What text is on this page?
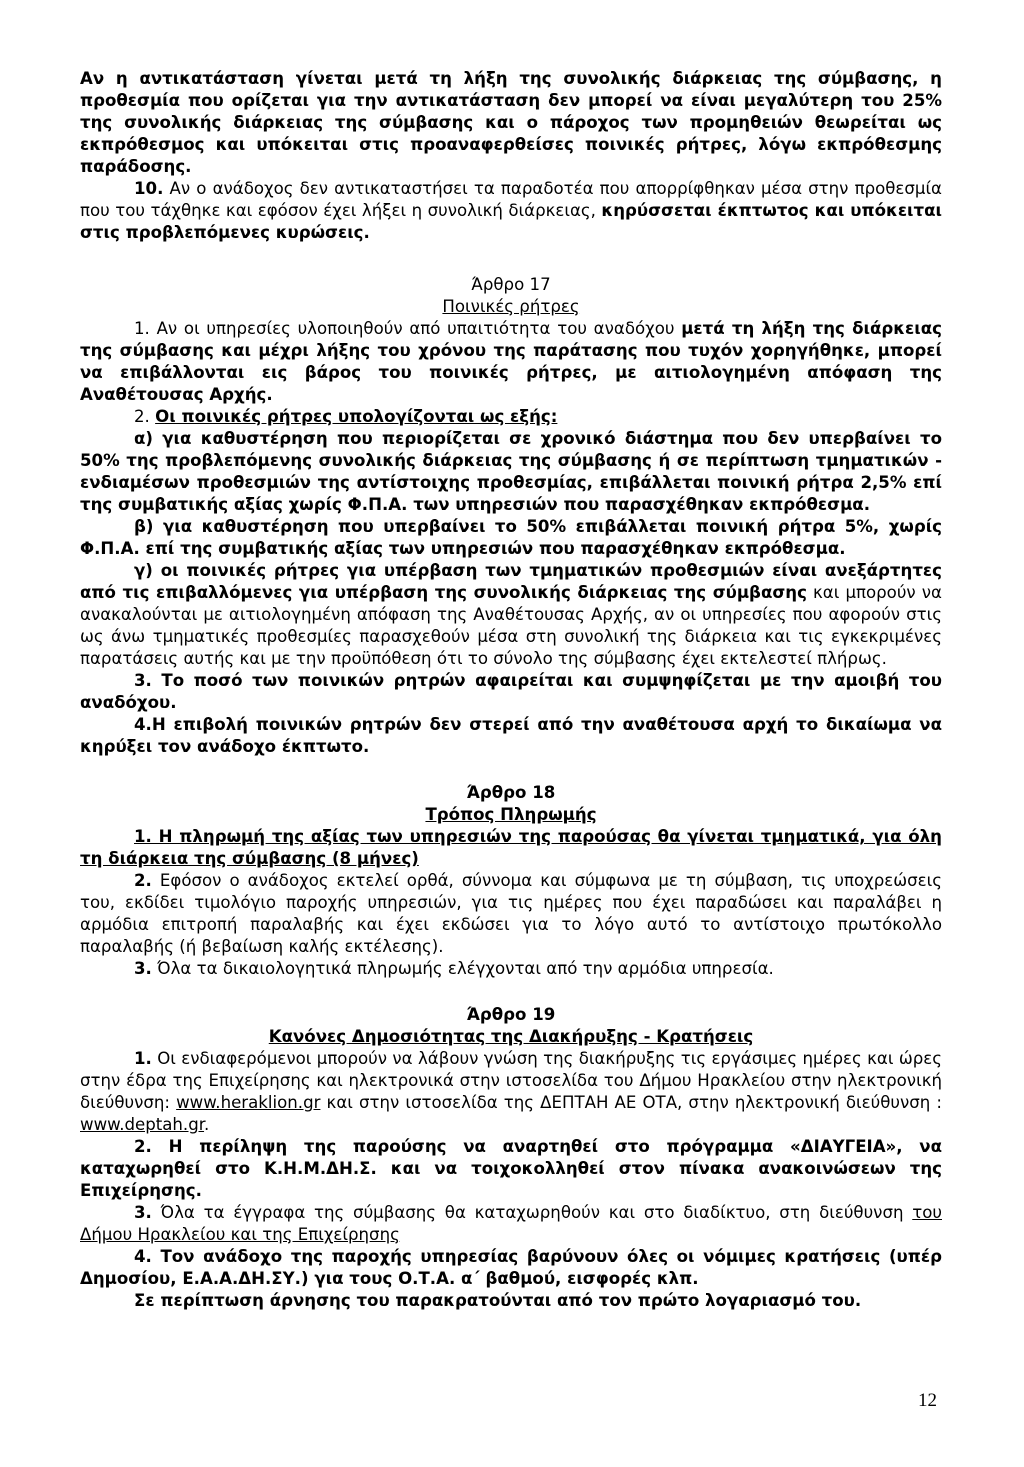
Αν η αντικατάσταση γίνεται μετά τη λήξη της συνολικής διάρκειας της σύμβασης, η προθεσμία που ορίζεται για την αντικατάσταση δεν μπορεί να είναι μεγαλύτερη του 25% της συνολικής διάρκειας της σύμβασης και ο πάροχος των προμηθειών θεωρείται ως εκπρόθεσμος και υπόκειται στις προαναφερθείσες ποινικές ρήτρες, λόγω εκπρόθεσμης παράδοσης.

10. Αν ο ανάδοχος δεν αντικαταστήσει τα παραδοτέα που απορρίφθηκαν μέσα στην προθεσμία που του τάχθηκε και εφόσον έχει λήξει η συνολική διάρκειας, κηρύσσεται έκπτωτος και υπόκειται στις προβλεπόμενες κυρώσεις.

Άρθρο 17

Ποινικές ρήτρες

1. Αν οι υπηρεσίες υλοποιηθούν από υπαιτιότητα του αναδόχου μετά τη λήξη της διάρκειας της σύμβασης και μέχρι λήξης του χρόνου της παράτασης που τυχόν χορηγήθηκε, μπορεί να επιβάλλονται εις βάρος του ποινικές ρήτρες, με αιτιολογημένη απόφαση της Αναθέτουσας Αρχής.

2. Οι ποινικές ρήτρες υπολογίζονται ως εξής:

α) για καθυστέρηση που περιορίζεται σε χρονικό διάστημα που δεν υπερβαίνει το 50% της προβλεπόμενης συνολικής διάρκειας της σύμβασης ή σε περίπτωση τμηματικών - ενδιαμέσων προθεσμιών της αντίστοιχης προθεσμίας, επιβάλλεται ποινική ρήτρα 2,5% επί της συμβατικής αξίας χωρίς Φ.Π.Α. των υπηρεσιών που παρασχέθηκαν εκπρόθεσμα.

β) για καθυστέρηση που υπερβαίνει το 50% επιβάλλεται ποινική ρήτρα 5%, χωρίς Φ.Π.Α. επί της συμβατικής αξίας των υπηρεσιών που παρασχέθηκαν εκπρόθεσμα.

γ) οι ποινικές ρήτρες για υπέρβαση των τμηματικών προθεσμιών είναι ανεξάρτητες από τις επιβαλλόμενες για υπέρβαση της συνολικής διάρκειας της σύμβασης και μπορούν να ανακαλούνται με αιτιολογημένη απόφαση της Αναθέτουσας Αρχής, αν οι υπηρεσίες που αφορούν στις ως άνω τμηματικές προθεσμίες παρασχεθούν μέσα στη συνολική της διάρκεια και τις εγκεκριμένες παρατάσεις αυτής και με την προϋπόθεση ότι το σύνολο της σύμβασης έχει εκτελεστεί πλήρως.

3. Το ποσό των ποινικών ρητρών αφαιρείται και συμψηφίζεται με την αμοιβή του αναδόχου.

4.Η επιβολή ποινικών ρητρών δεν στερεί από την αναθέτουσα αρχή το δικαίωμα να κηρύξει τον ανάδοχο έκπτωτο.

Άρθρο 18

Τρόπος Πληρωμής

1. Η πληρωμή της αξίας των υπηρεσιών της παρούσας θα γίνεται τμηματικά, για όλη τη διάρκεια της σύμβασης (8 μήνες)

2. Εφόσον ο ανάδοχος εκτελεί ορθά, σύννομα και σύμφωνα με τη σύμβαση, τις υποχρεώσεις του, εκδίδει τιμολόγιο παροχής υπηρεσιών, για τις ημέρες που έχει παραδώσει και παραλάβει η αρμόδια επιτροπή παραλαβής και έχει εκδώσει για το λόγο αυτό το αντίστοιχο πρωτόκολλο παραλαβής (ή βεβαίωση καλής εκτέλεσης).

3. Όλα τα δικαιολογητικά πληρωμής ελέγχονται από την αρμόδια υπηρεσία.

Άρθρο 19

Κανόνες Δημοσιότητας της Διακήρυξης - Κρατήσεις

1. Οι ενδιαφερόμενοι μπορούν να λάβουν γνώση της διακήρυξης τις εργάσιμες ημέρες και ώρες στην έδρα της Επιχείρησης και ηλεκτρονικά στην ιστοσελίδα του Δήμου Ηρακλείου στην ηλεκτρονική διεύθυνση: www.heraklion.gr και στην ιστοσελίδα της ΔΕΠΤΑΗ ΑΕ ΟΤΑ, στην ηλεκτρονική διεύθυνση : www.deptah.gr.

2. Η περίληψη της παρούσης να αναρτηθεί στο πρόγραμμα «ΔΙΑΥΓΕΙΑ», να καταχωρηθεί στο Κ.Η.Μ.ΔΗ.Σ. και να τοιχοκολληθεί στον πίνακα ανακοινώσεων της Επιχείρησης.

3. Όλα τα έγγραφα της σύμβασης θα καταχωρηθούν και στο διαδίκτυο, στη διεύθυνση του Δήμου Ηρακλείου και της Επιχείρησης

4. Τον ανάδοχο της παροχής υπηρεσίας βαρύνουν όλες οι νόμιμες κρατήσεις (υπέρ Δημοσίου, Ε.Α.Α.ΔΗ.ΣΥ.) για τους Ο.Τ.Α. α΄ βαθμού, εισφορές κλπ.

Σε περίπτωση άρνησης του παρακρατούνται από τον πρώτο λογαριασμό του.

12
